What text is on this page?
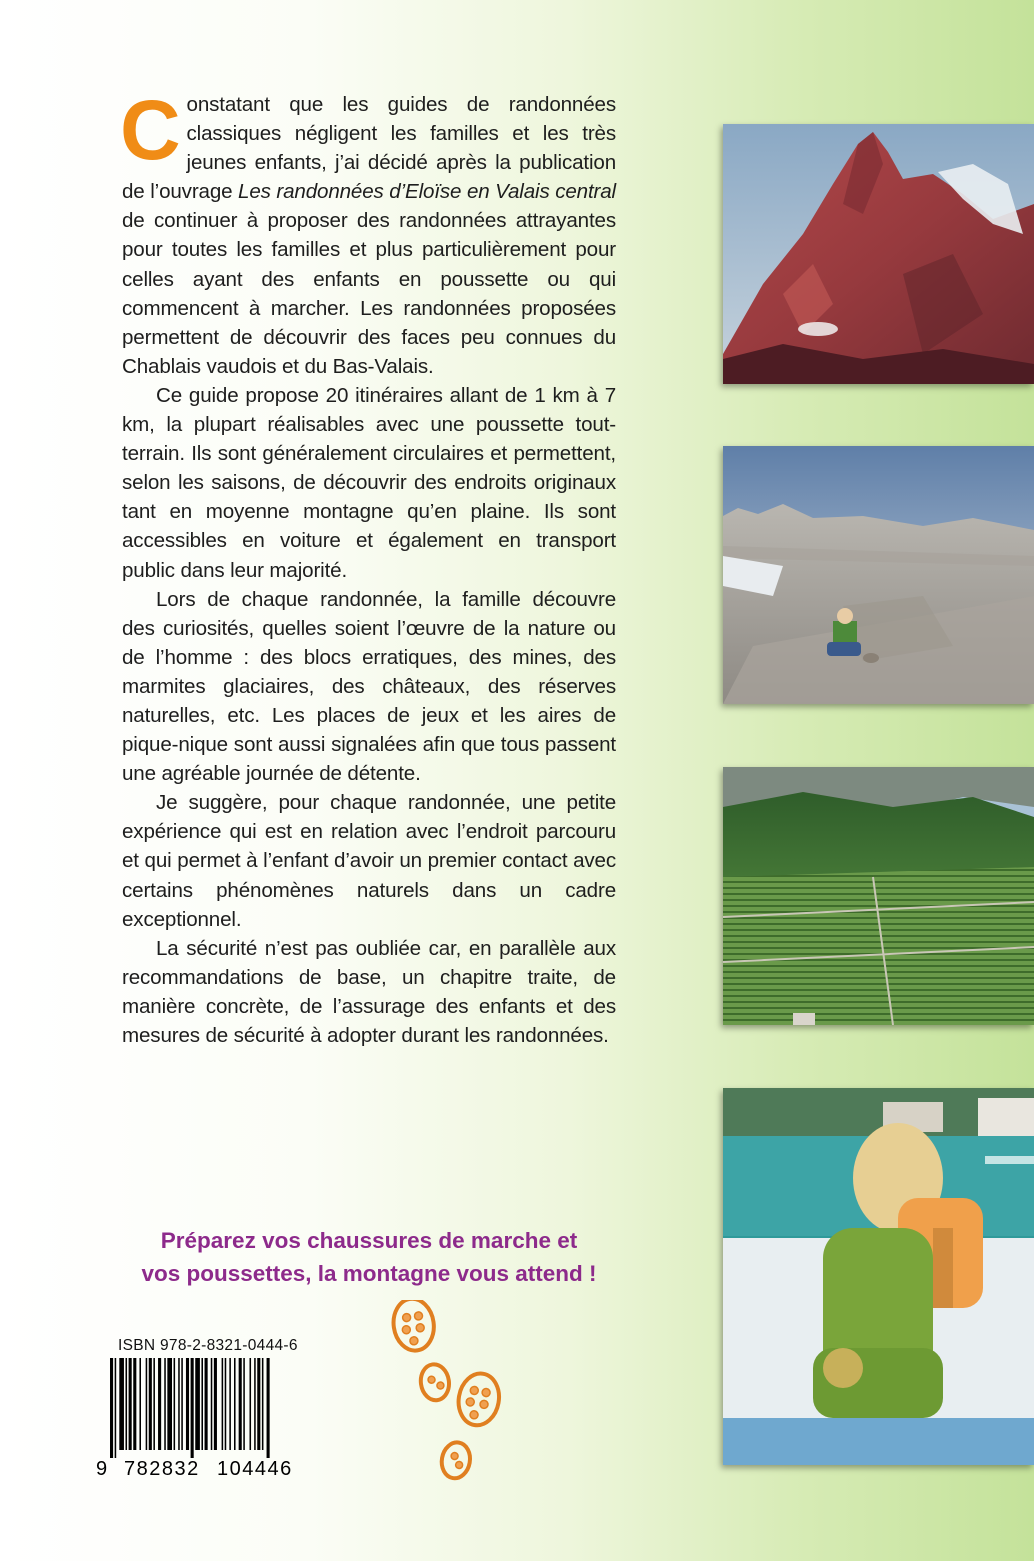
Constatant que les guides de randonnées classiques négligent les familles et les très jeunes enfants, j’ai décidé après la publication de l’ouvrage Les randonnées d’Eloïse en Valais central de continuer à proposer des randonnées attrayantes pour toutes les familles et plus particulièrement pour celles ayant des enfants en poussette ou qui commencent à marcher. Les randonnées proposées permettent de découvrir des faces peu connues du Chablais vaudois et du Bas-Valais.

Ce guide propose 20 itinéraires allant de 1 km à 7 km, la plupart réalisables avec une poussette tout-terrain. Ils sont généralement circulaires et permettent, selon les saisons, de découvrir des endroits originaux tant en moyenne montagne qu’en plaine. Ils sont accessibles en voiture et également en transport public dans leur majorité.

Lors de chaque randonnée, la famille découvre des curiosités, quelles soient l’œuvre de la nature ou de l’homme : des blocs erratiques, des mines, des marmites glaciaires, des châteaux, des réserves naturelles, etc. Les places de jeux et les aires de pique-nique sont aussi signalées afin que tous passent une agréable journée de détente.

Je suggère, pour chaque randonnée, une petite expérience qui est en relation avec l’endroit parcouru et qui permet à l’enfant d’avoir un premier contact avec certains phénomènes naturels dans un cadre exceptionnel.

La sécurité n’est pas oubliée car, en parallèle aux recommandations de base, un chapitre traite, de manière concrète, de l’assurage des enfants et des mesures de sécurité à adopter durant les randonnées.

Préparez vos chaussures de marche et
vos poussettes, la montagne vous attend !
ISBN 978-2-8321-0444-6
9 782832 104446
